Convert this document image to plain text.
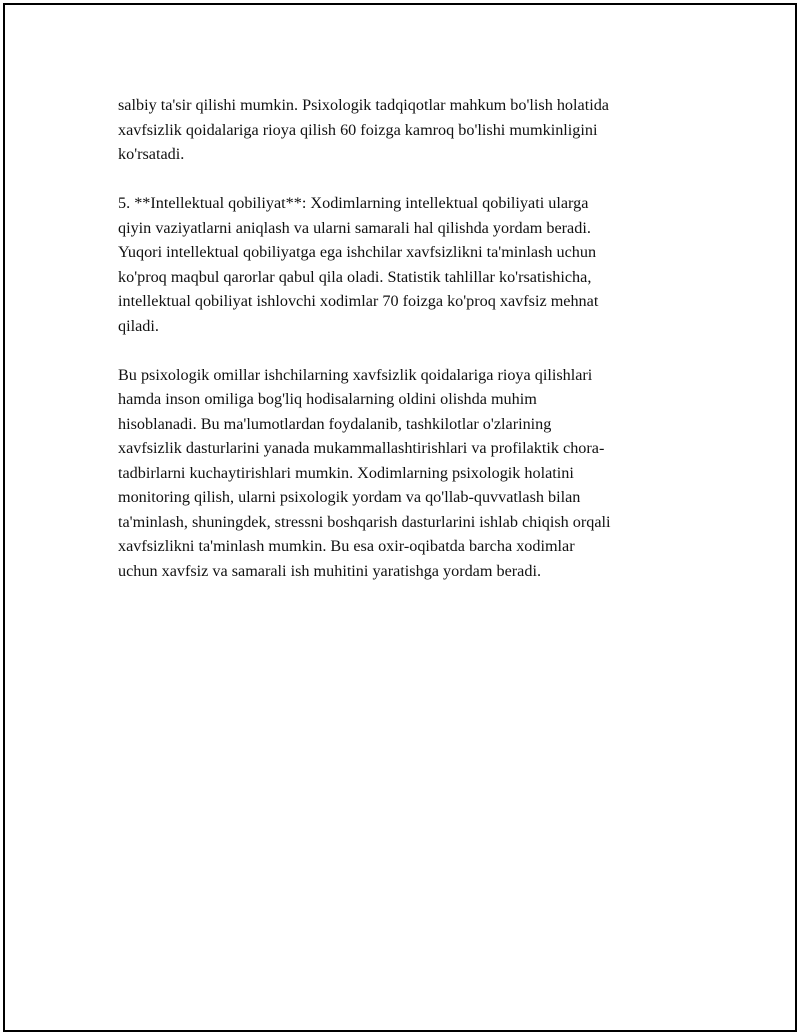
salbiy ta'sir qilishi mumkin. Psixologik tadqiqotlar mahkum bo'lish holatida
xavfsizlik qoidalariga rioya qilish 60 foizga kamroq bo'lishi mumkinligini
ko'rsatadi.

5. **Intellektual qobiliyat**: Xodimlarning intellektual qobiliyati ularga
qiyin vaziyatlarni aniqlash va ularni samarali hal qilishda yordam beradi.
Yuqori intellektual qobiliyatga ega ishchilar xavfsizlikni ta'minlash uchun
ko'proq maqbul qarorlar qabul qila oladi. Statistik tahlillar ko'rsatishicha,
intellektual qobiliyat ishlovchi xodimlar 70 foizga ko'proq xavfsiz mehnat
qiladi.

Bu psixologik omillar ishchilarning xavfsizlik qoidalariga rioya qilishlari
hamda inson omiliga bog'liq hodisalarning oldini olishda muhim
hisoblanadi. Bu ma'lumotlardan foydalanib, tashkilotlar o'zlarining
xavfsizlik dasturlarini yanada mukammallashtirishlari va profilaktik chora-
tadbirlarni kuchaytirishlari mumkin. Xodimlarning psixologik holatini
monitoring qilish, ularni psixologik yordam va qo'llab-quvvatlash bilan
ta'minlash, shuningdek, stressni boshqarish dasturlarini ishlab chiqish orqali
xavfsizlikni ta'minlash mumkin. Bu esa oxir-oqibatda barcha xodimlar
uchun xavfsiz va samarali ish muhitini yaratishga yordam beradi.
